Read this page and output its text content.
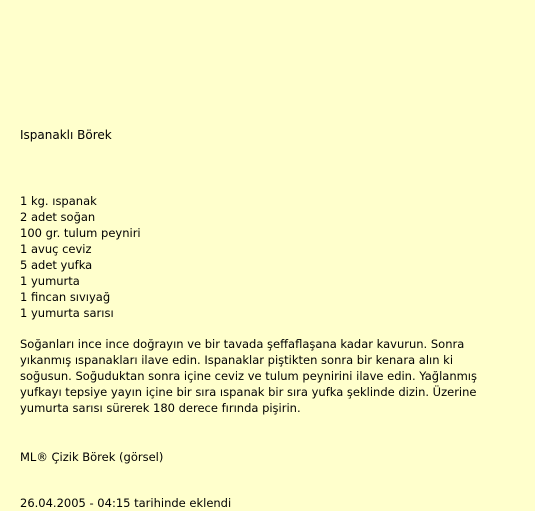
Ispanaklı Börek
1 kg. ıspanak
2 adet soğan
100 gr. tulum peyniri
1 avuç ceviz
5 adet yufka
1 yumurta
1 fincan sıvıyağ
1 yumurta sarısı

Soğanları ince ince doğrayın ve bir tavada şeffaflaşana kadar kavurun. Sonra yıkanmış ıspanakları ilave edin. Ispanaklar piştikten sonra bir kenara alın ki soğusun. Soğuduktan sonra içine ceviz ve tulum peynirini ilave edin. Yağlanmış yufkayı tepsiye yayın içine bir sıra ıspanak bir sıra yufka şeklinde dizin. Üzerine yumurta sarısı sürerek 180 derece fırında pişirin.

ML® Çizik Börek (görsel)

26.04.2005 - 04:15 tarihinde eklendi
